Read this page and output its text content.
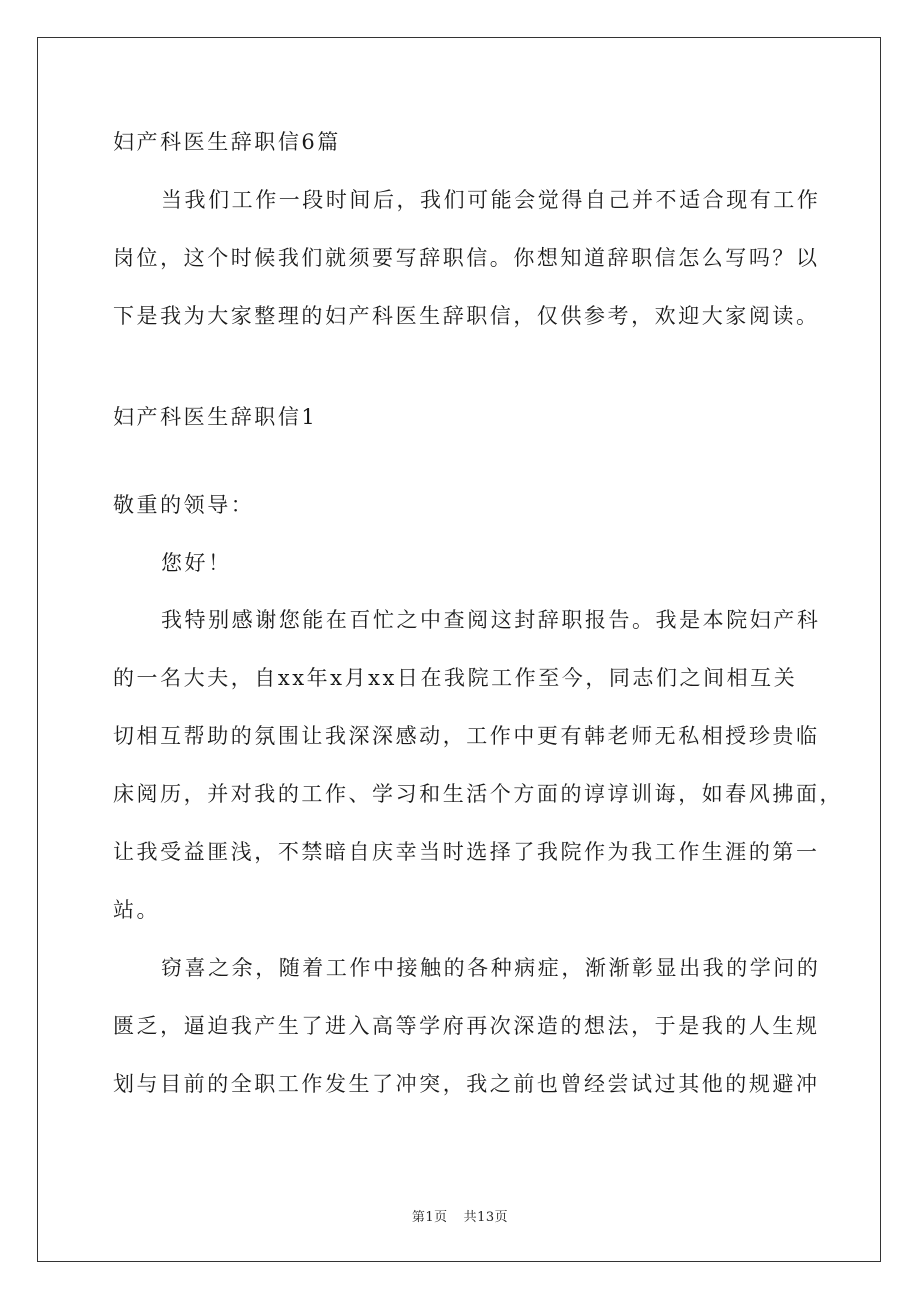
妇产科医生辞职信6篇
当我们工作一段时间后，我们可能会觉得自己并不适合现有工作
岗位，这个时候我们就须要写辞职信。你想知道辞职信怎么写吗？以
下是我为大家整理的妇产科医生辞职信，仅供参考，欢迎大家阅读。
妇产科医生辞职信1
敬重的领导：
您好！
我特别感谢您能在百忙之中查阅这封辞职报告。我是本院妇产科
的一名大夫，自xx年x月xx日在我院工作至今，同志们之间相互关
切相互帮助的氛围让我深深感动，工作中更有韩老师无私相授珍贵临
床阅历，并对我的工作、学习和生活个方面的谆谆训诲，如春风拂面，
让我受益匪浅，不禁暗自庆幸当时选择了我院作为我工作生涯的第一
站。
窃喜之余，随着工作中接触的各种病症，渐渐彰显出我的学问的
匮乏，逼迫我产生了进入高等学府再次深造的想法，于是我的人生规
划与目前的全职工作发生了冲突，我之前也曾经尝试过其他的规避冲
第1页 共13页
